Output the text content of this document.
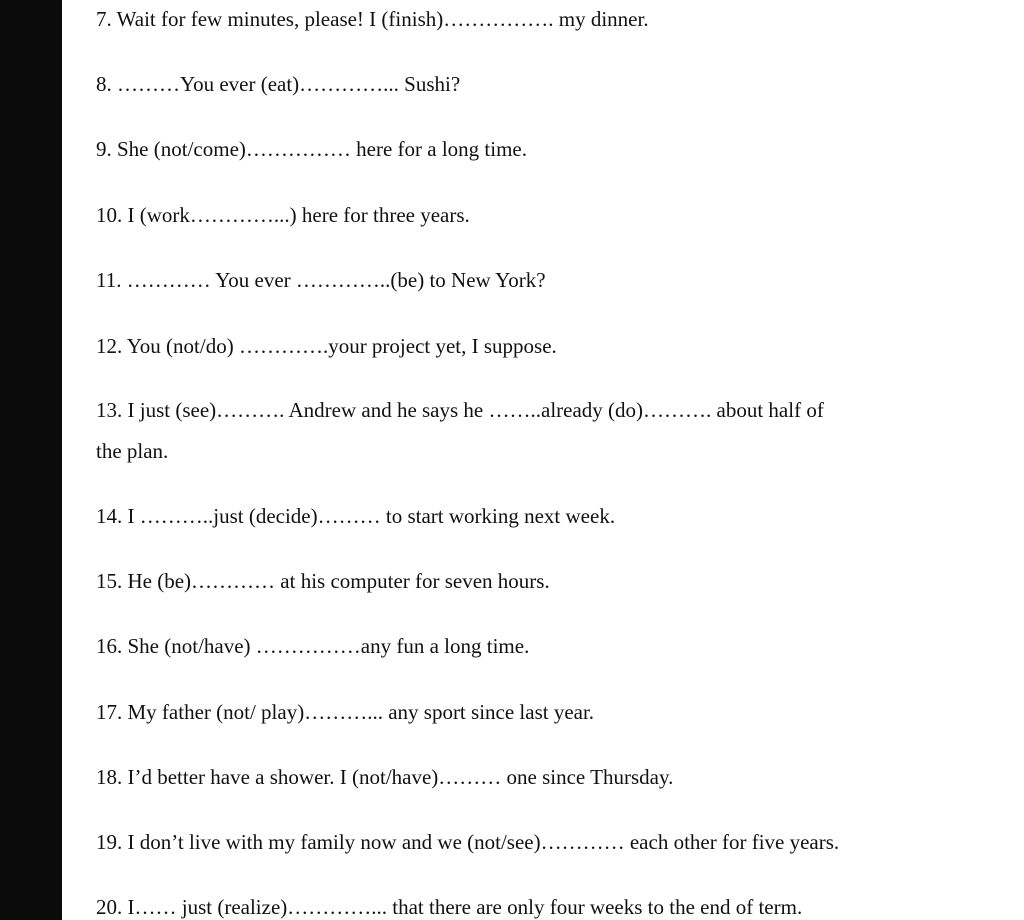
7. Wait for few minutes, please! I (finish)……………. my dinner.

8. ………You ever (eat)…………... Sushi?

9. She (not/come)…………… here for a long time.

10. I (work…………...) here for three years.

11. ………… You ever …………..(be) to New York?

12. You (not/do) ………….your project yet, I suppose.

13. I just (see)………. Andrew and he says he ……..already (do)………. about half of

the plan.

14. I ………..just (decide)……… to start working next week.

15. He (be)………… at his computer for seven hours.

16. She (not/have) ……………any fun a long time.

17. My father (not/ play)………... any sport since last year.

18. I’d better have a shower. I (not/have)……… one since Thursday.

19. I don’t live with my family now and we (not/see)………… each other for five years.

20. I…… just (realize)…………... that there are only four weeks to the end of term.
